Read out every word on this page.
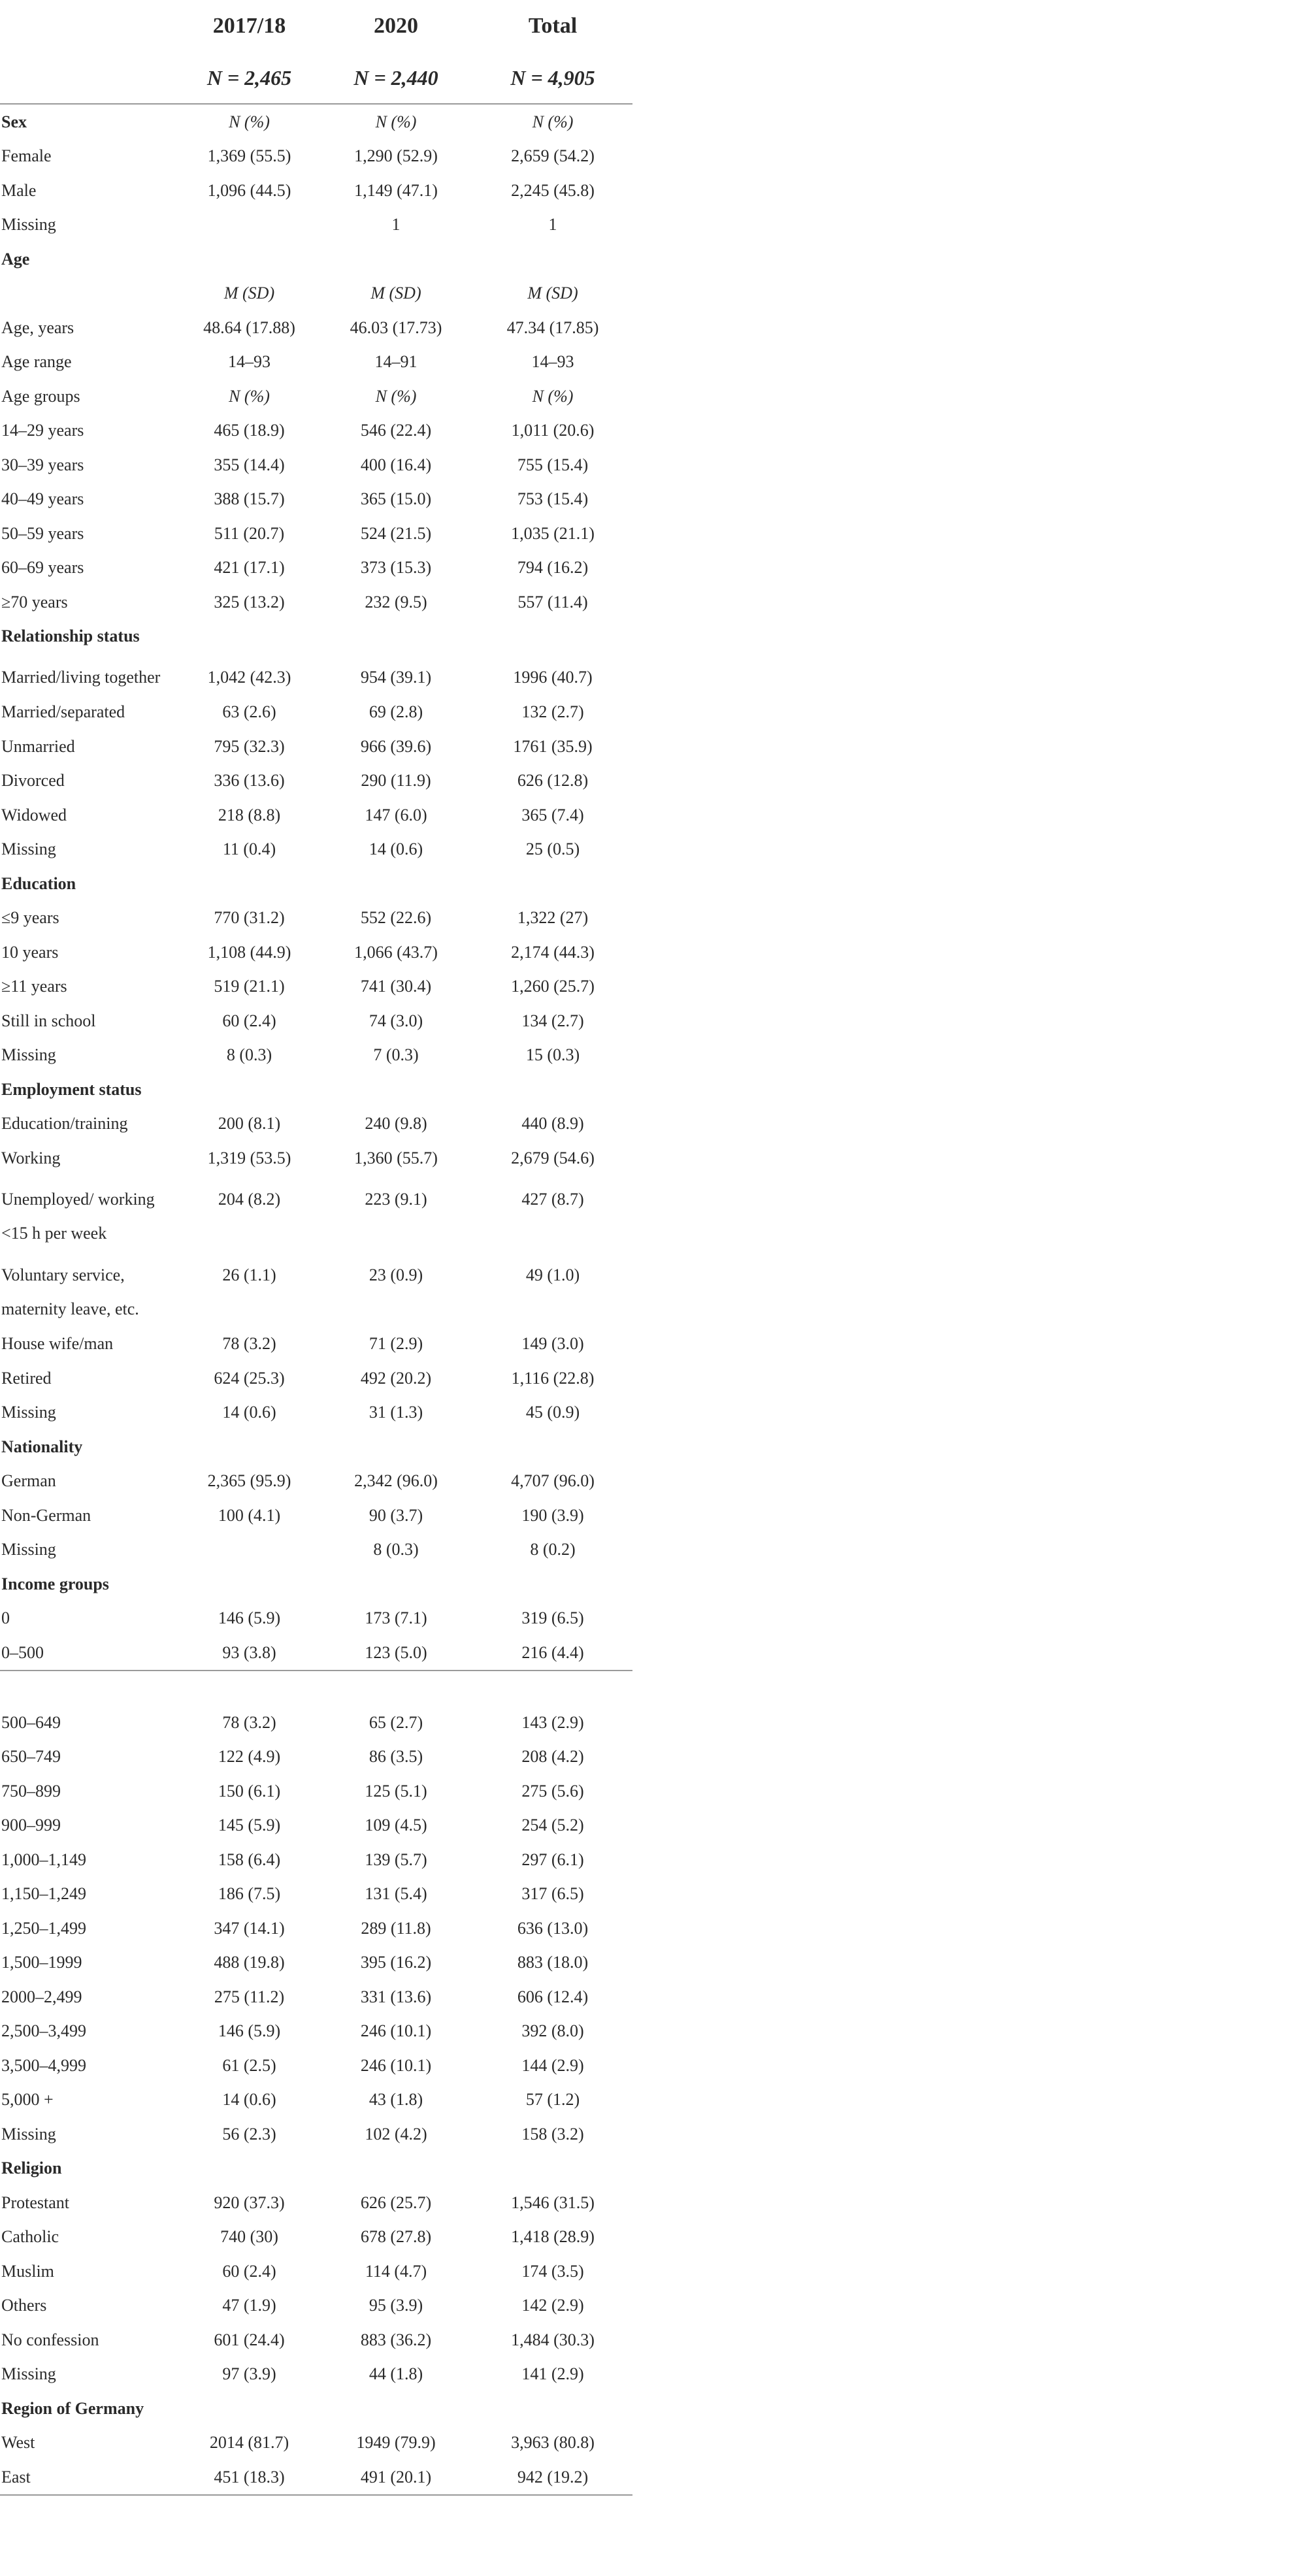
	2017/18	2020	Total
	N = 2,465	N = 2,440	N = 4,905
Sex	N (%)	N (%)	N (%)
Female	1,369 (55.5)	1,290 (52.9)	2,659 (54.2)
Male	1,096 (44.5)	1,149 (47.1)	2,245 (45.8)
Missing		1	1
Age			
	M (SD)	M (SD)	M (SD)
Age, years	48.64 (17.88)	46.03 (17.73)	47.34 (17.85)
Age range	14–93	14–91	14–93
Age groups	N (%)	N (%)	N (%)
14–29 years	465 (18.9)	546 (22.4)	1,011 (20.6)
30–39 years	355 (14.4)	400 (16.4)	755 (15.4)
40–49 years	388 (15.7)	365 (15.0)	753 (15.4)
50–59 years	511 (20.7)	524 (21.5)	1,035 (21.1)
60–69 years	421 (17.1)	373 (15.3)	794 (16.2)
≥70 years	325 (13.2)	232 (9.5)	557 (11.4)
Relationship status			
Married/living together	1,042 (42.3)	954 (39.1)	1996 (40.7)
Married/separated	63 (2.6)	69 (2.8)	132 (2.7)
Unmarried	795 (32.3)	966 (39.6)	1761 (35.9)
Divorced	336 (13.6)	290 (11.9)	626 (12.8)
Widowed	218 (8.8)	147 (6.0)	365 (7.4)
Missing	11 (0.4)	14 (0.6)	25 (0.5)
Education			
≤9 years	770 (31.2)	552 (22.6)	1,322 (27)
10 years	1,108 (44.9)	1,066 (43.7)	2,174 (44.3)
≥11 years	519 (21.1)	741 (30.4)	1,260 (25.7)
Still in school	60 (2.4)	74 (3.0)	134 (2.7)
Missing	8 (0.3)	7 (0.3)	15 (0.3)
Employment status			
Education/training	200 (8.1)	240 (9.8)	440 (8.9)
Working	1,319 (53.5)	1,360 (55.7)	2,679 (54.6)
Unemployed/ working <15 h per week	204 (8.2)	223 (9.1)	427 (8.7)
Voluntary service, maternity leave, etc.	26 (1.1)	23 (0.9)	49 (1.0)
House wife/man	78 (3.2)	71 (2.9)	149 (3.0)
Retired	624 (25.3)	492 (20.2)	1,116 (22.8)
Missing	14 (0.6)	31 (1.3)	45 (0.9)
Nationality			
German	2,365 (95.9)	2,342 (96.0)	4,707 (96.0)
Non-German	100 (4.1)	90 (3.7)	190 (3.9)
Missing		8 (0.3)	8 (0.2)
Income groups			
0	146 (5.9)	173 (7.1)	319 (6.5)
0–500	93 (3.8)	123 (5.0)	216 (4.4)

500–649	78 (3.2)	65 (2.7)	143 (2.9)
650–749	122 (4.9)	86 (3.5)	208 (4.2)
750–899	150 (6.1)	125 (5.1)	275 (5.6)
900–999	145 (5.9)	109 (4.5)	254 (5.2)
1,000–1,149	158 (6.4)	139 (5.7)	297 (6.1)
1,150–1,249	186 (7.5)	131 (5.4)	317 (6.5)
1,250–1,499	347 (14.1)	289 (11.8)	636 (13.0)
1,500–1999	488 (19.8)	395 (16.2)	883 (18.0)
2000–2,499	275 (11.2)	331 (13.6)	606 (12.4)
2,500–3,499	146 (5.9)	246 (10.1)	392 (8.0)
3,500–4,999	61 (2.5)	246 (10.1)	144 (2.9)
5,000 +	14 (0.6)	43 (1.8)	57 (1.2)
Missing	56 (2.3)	102 (4.2)	158 (3.2)
Religion			
Protestant	920 (37.3)	626 (25.7)	1,546 (31.5)
Catholic	740 (30)	678 (27.8)	1,418 (28.9)
Muslim	60 (2.4)	114 (4.7)	174 (3.5)
Others	47 (1.9)	95 (3.9)	142 (2.9)
No confession	601 (24.4)	883 (36.2)	1,484 (30.3)
Missing	97 (3.9)	44 (1.8)	141 (2.9)
Region of Germany			
West	2014 (81.7)	1949 (79.9)	3,963 (80.8)
East	451 (18.3)	491 (20.1)	942 (19.2)
